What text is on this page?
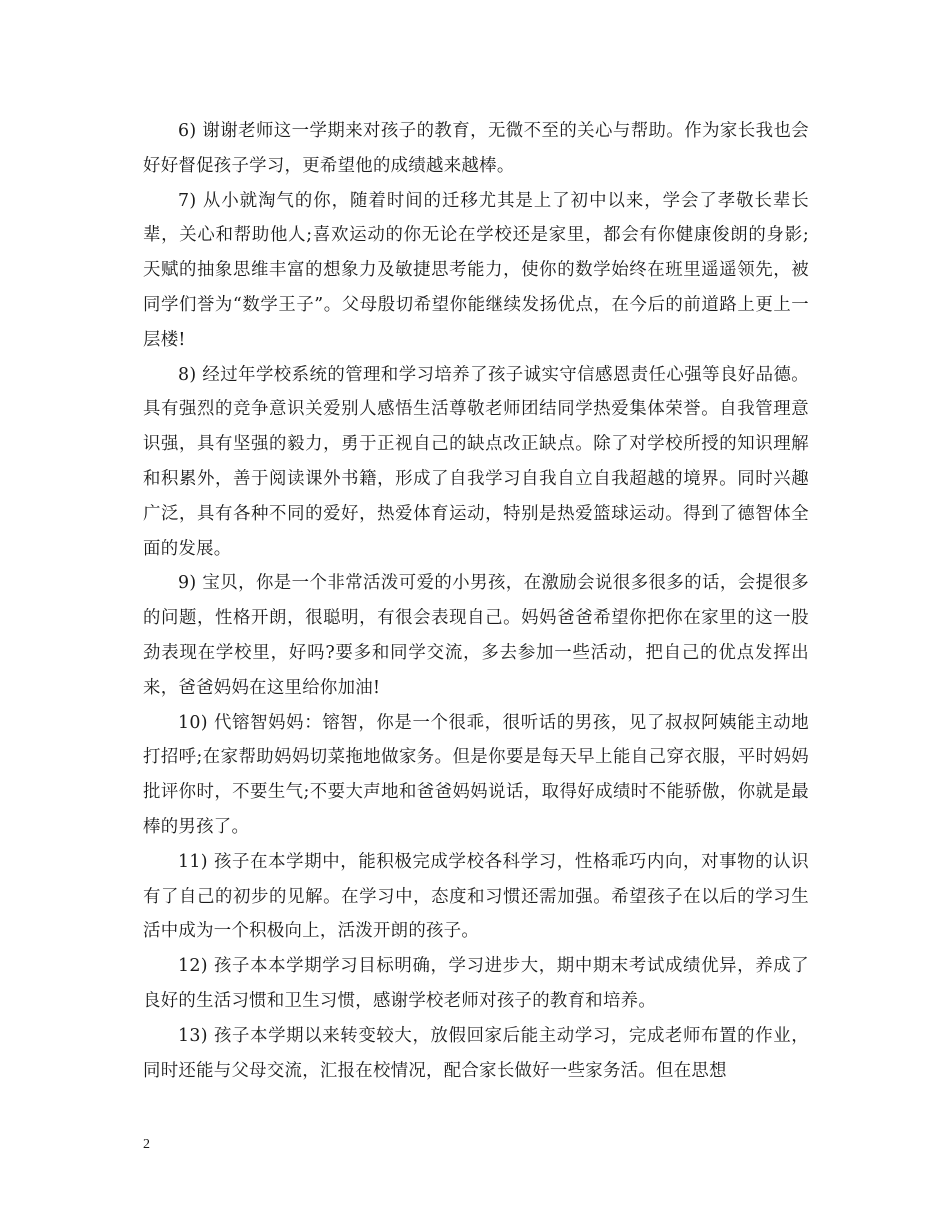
6) 谢谢老师这一学期来对孩子的教育，无微不至的关心与帮助。作为家长我也会好好督促孩子学习，更希望他的成绩越来越棒。

7) 从小就淘气的你，随着时间的迁移尤其是上了初中以来，学会了孝敬长辈长辈，关心和帮助他人;喜欢运动的你无论在学校还是家里，都会有你健康俊朗的身影;天赋的抽象思维丰富的想象力及敏捷思考能力，使你的数学始终在班里遥遥领先，被同学们誉为“数学王子”。父母殷切希望你能继续发扬优点，在今后的前道路上更上一层楼!

8) 经过年学校系统的管理和学习培养了孩子诚实守信感恩责任心强等良好品德。具有强烈的竞争意识关爱别人感悟生活尊敬老师团结同学热爱集体荣誉。自我管理意识强，具有坚强的毅力，勇于正视自己的缺点改正缺点。除了对学校所授的知识理解和积累外，善于阅读课外书籍，形成了自我学习自我自立自我超越的境界。同时兴趣广泛，具有各种不同的爱好，热爱体育运动，特别是热爱篮球运动。得到了德智体全面的发展。

9) 宝贝，你是一个非常活泼可爱的小男孩，在激励会说很多很多的话，会提很多的问题，性格开朗，很聪明，有很会表现自己。妈妈爸爸希望你把你在家里的这一股劲表现在学校里，好吗?要多和同学交流，多去参加一些活动，把自己的优点发挥出来，爸爸妈妈在这里给你加油!

10) 代镕智妈妈：镕智，你是一个很乖，很听话的男孩，见了叔叔阿姨能主动地打招呼;在家帮助妈妈切菜拖地做家务。但是你要是每天早上能自己穿衣服，平时妈妈批评你时，不要生气;不要大声地和爸爸妈妈说话，取得好成绩时不能骄傲，你就是最棒的男孩了。

11) 孩子在本学期中，能积极完成学校各科学习，性格乖巧内向，对事物的认识有了自己的初步的见解。在学习中，态度和习惯还需加强。希望孩子在以后的学习生活中成为一个积极向上，活泼开朗的孩子。

12) 孩子本本学期学习目标明确，学习进步大，期中期末考试成绩优异，养成了良好的生活习惯和卫生习惯，感谢学校老师对孩子的教育和培养。

13) 孩子本学期以来转变较大，放假回家后能主动学习，完成老师布置的作业，同时还能与父母交流，汇报在校情况，配合家长做好一些家务活。但在思想

2
